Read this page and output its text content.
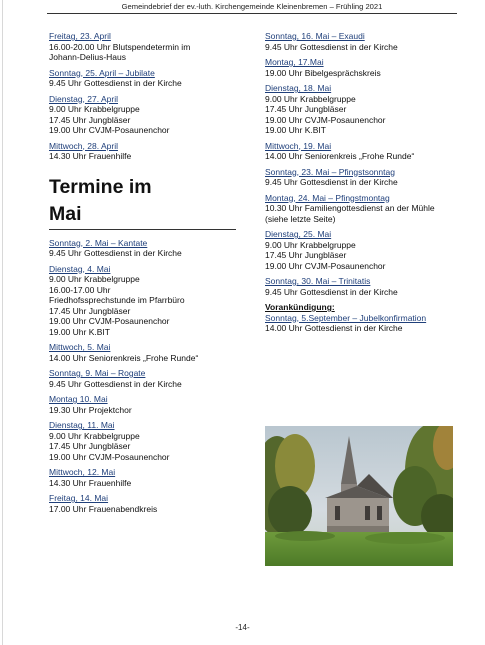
Gemeindebrief der ev.-luth. Kirchengemeinde Kleinenbremen – Frühling 2021
Freitag, 23. April
16.00-20.00 Uhr Blutspendetermin im
Johann-Delius-Haus
Sonntag, 25. April – Jubilate
9.45 Uhr Gottesdienst in der Kirche
Dienstag, 27. April
9.00 Uhr Krabbelgruppe
17.45 Uhr Jungbläser
19.00 Uhr CVJM-Posaunenchor
Mittwoch, 28. April
14.30 Uhr Frauenhilfe
Termine im
Mai
Sonntag, 2. Mai – Kantate
9.45 Uhr Gottesdienst in der Kirche
Dienstag, 4. Mai
9.00 Uhr Krabbelgruppe
16.00-17.00 Uhr
Friedhofssprechstunde im Pfarrbüro
17.45 Uhr Jungbläser
19.00 Uhr CVJM-Posaunenchor
19.00 Uhr K.BIT
Mittwoch, 5. Mai
14.00 Uhr Seniorenkreis „Frohe Runde“
Sonntag, 9. Mai – Rogate
9.45 Uhr Gottesdienst in der Kirche
Montag 10. Mai
19.30 Uhr Projektchor
Dienstag, 11. Mai
9.00 Uhr Krabbelgruppe
17.45 Uhr Jungbläser
19.00 Uhr CVJM-Posaunenchor
Mittwoch, 12. Mai
14.30 Uhr Frauenhilfe
Freitag, 14. Mai
17.00 Uhr Frauenabendkreis
Sonntag, 16. Mai – Exaudi
9.45 Uhr Gottesdienst in der Kirche
Montag, 17.Mai
19.00 Uhr Bibelgesprächskreis
Dienstag, 18. Mai
9.00 Uhr Krabbelgruppe
17.45 Uhr Jungbläser
19.00 Uhr CVJM-Posaunenchor
19.00 Uhr K.BIT
Mittwoch, 19. Mai
14.00 Uhr Seniorenkreis „Frohe Runde“
Sonntag, 23. Mai – Pfingstsonntag
9.45 Uhr Gottesdienst in der Kirche
Montag, 24. Mai – Pfingstmontag
10.30 Uhr Familiengottesdienst an der Mühle
(siehe letzte Seite)
Dienstag, 25. Mai
9.00 Uhr Krabbelgruppe
17.45 Uhr Jungbläser
19.00 Uhr CVJM-Posaunenchor
Sonntag, 30. Mai – Trinitatis
9.45 Uhr Gottesdienst in der Kirche
Vorankündigung:
Sonntag, 5.September – Jubelkonfirmation
14.00 Uhr Gottesdienst in der Kirche
-14-
